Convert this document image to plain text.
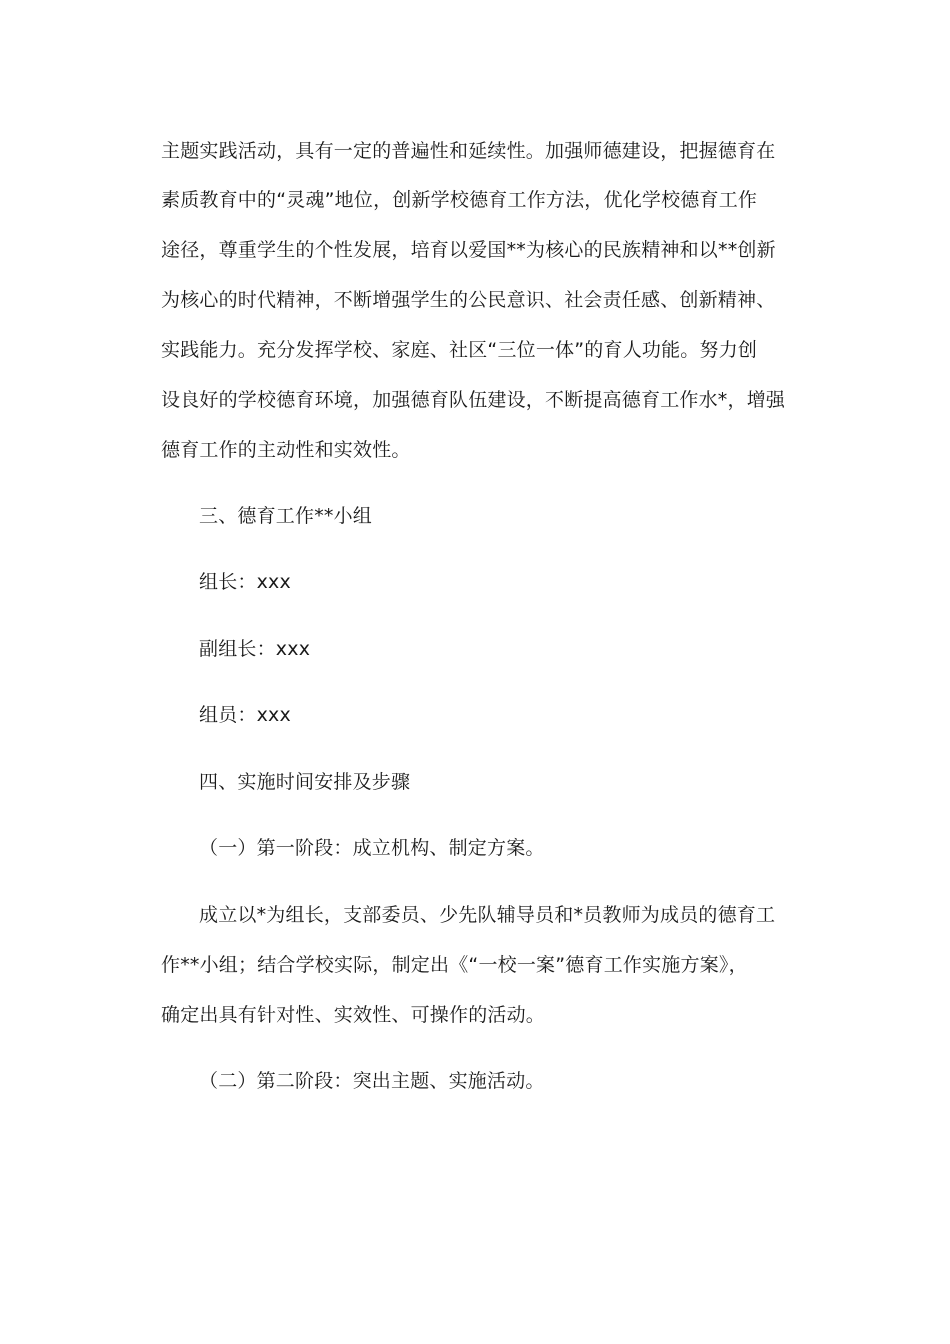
主题实践活动，具有一定的普遍性和延续性。加强师德建设，把握德育在
素质教育中的“灵魂”地位，创新学校德育工作方法，优化学校德育工作
途径，尊重学生的个性发展，培育以爱国**为核心的民族精神和以**创新
为核心的时代精神，不断增强学生的公民意识、社会责任感、创新精神、
实践能力。充分发挥学校、家庭、社区“三位一体”的育人功能。努力创
设良好的学校德育环境，加强德育队伍建设，不断提高德育工作水*，增强
德育工作的主动性和实效性。
三、德育工作**小组
组长：xxx
副组长：xxx
组员：xxx
四、实施时间安排及步骤
（一）第一阶段：成立机构、制定方案。
成立以*为组长，支部委员、少先队辅导员和*员教师为成员的德育工
作**小组；结合学校实际，制定出《“一校一案”德育工作实施方案》，
确定出具有针对性、实效性、可操作的活动。
（二）第二阶段：突出主题、实施活动。
